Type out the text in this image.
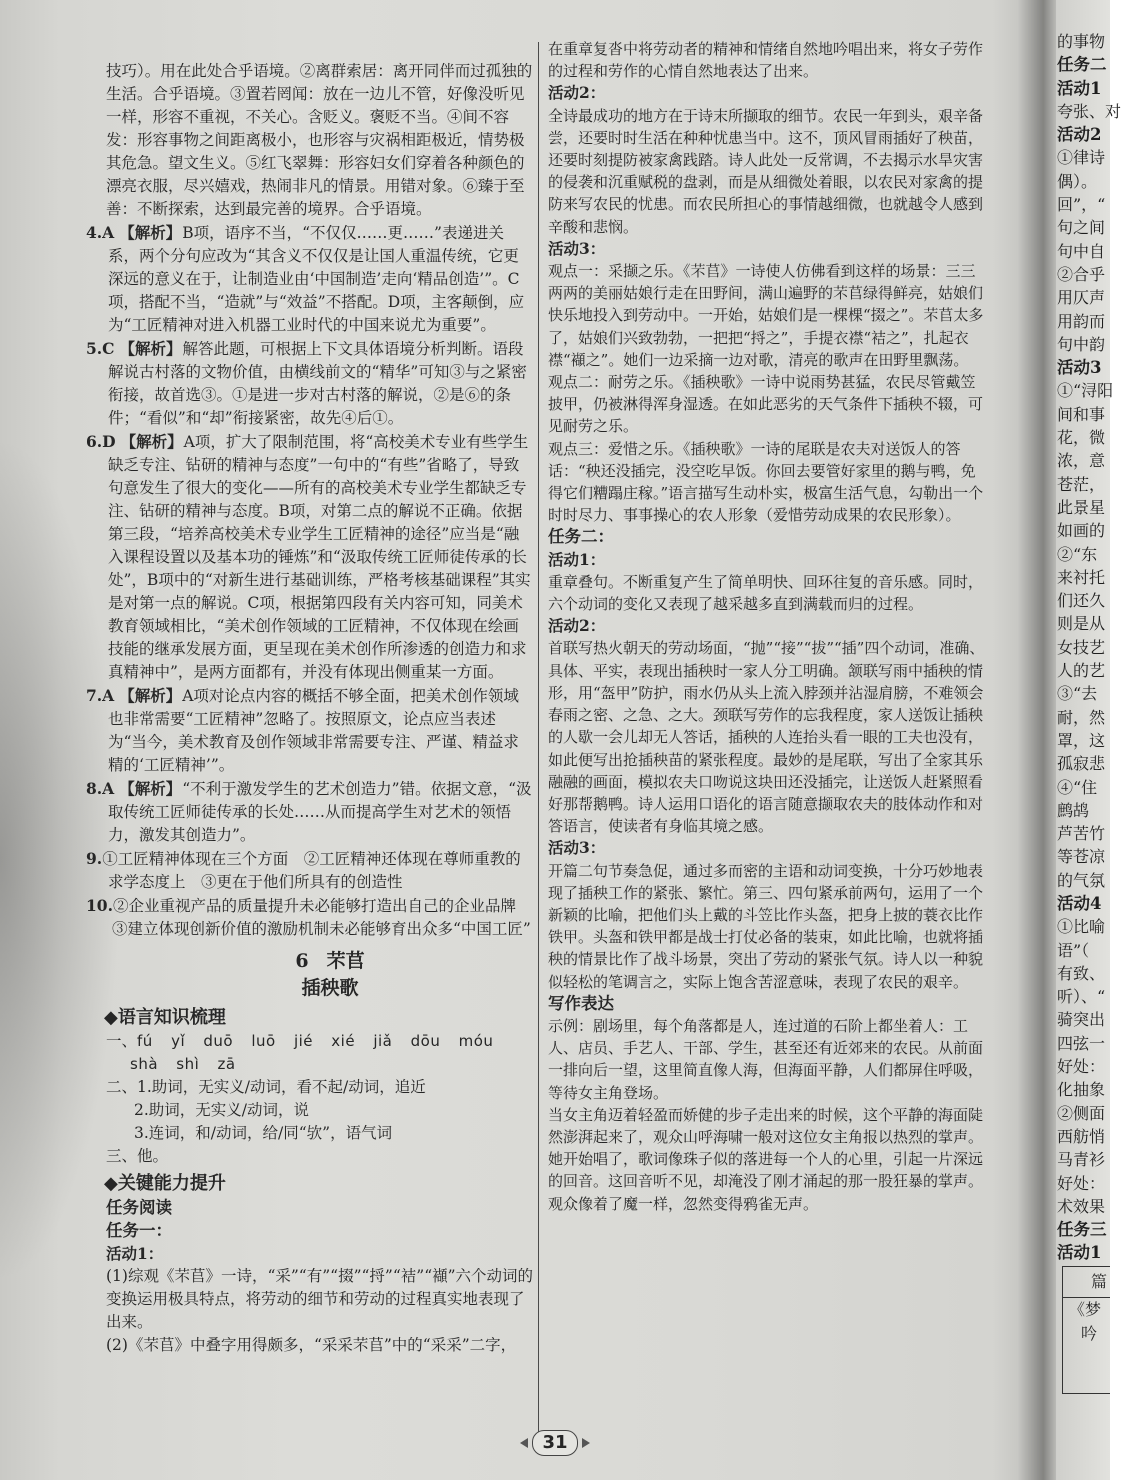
技巧）。用在此处合乎语境。②离群索居：离开同伴而过孤独的生活。合乎语境。③置若罔闻：放在一边儿不管，好像没听见一样，形容不重视，不关心。含贬义。褒贬不当。④间不容发：形容事物之间距离极小，也形容与灾祸相距极近，情势极其危急。望文生义。⑤红飞翠舞：形容妇女们穿着各种颜色的漂亮衣服，尽兴嬉戏，热闹非凡的情景。用错对象。⑥臻于至善：不断探索，达到最完善的境界。合乎语境。

4.A 【解析】B项，语序不当，“不仅仅……更……”表递进关系，两个分句应改为“其含义不仅仅是让国人重温传统，它更深远的意义在于，让制造业由‘中国制造’走向‘精品创造’”。C项，搭配不当，“造就”与“效益”不搭配。D项，主客颠倒，应为“工匠精神对进入机器工业时代的中国来说尤为重要”。

5.C 【解析】解答此题，可根据上下文具体语境分析判断。语段解说古村落的文物价值，由横线前文的“精华”可知③与之紧密衔接，故首选③。①是进一步对古村落的解说，②是⑥的条件；“看似”和“却”衔接紧密，故先④后①。

6.D 【解析】A项，扩大了限制范围，将“高校美术专业有些学生缺乏专注、钻研的精神与态度”一句中的“有些”省略了，导致句意发生了很大的变化——所有的高校美术专业学生都缺乏专注、钻研的精神与态度。B项，对第二点的解说不正确。依据第三段，“培养高校美术专业学生工匠精神的途径”应当是“融入课程设置以及基本功的锤炼”和“汲取传统工匠师徒传承的长处”，B项中的“对新生进行基础训练，严格考核基础课程”其实是对第一点的解说。C项，根据第四段有关内容可知，同美术教育领域相比，“美术创作领域的工匠精神，不仅体现在绘画技能的继承发展方面，更呈现在美术创作所渗透的创造力和求真精神中”，是两方面都有，并没有体现出侧重某一方面。

7.A 【解析】A项对论点内容的概括不够全面，把美术创作领域也非常需要“工匠精神”忽略了。按照原文，论点应当表述为“当今，美术教育及创作领域非常需要专注、严谨、精益求精的‘工匠精神’”。

8.A 【解析】“不利于激发学生的艺术创造力”错。依据文意，“汲取传统工匠师徒传承的长处……从而提高学生对艺术的领悟力，激发其创造力”。

9.①工匠精神体现在三个方面　②工匠精神还体现在尊师重教的求学态度上　③更在于他们所具有的创造性

10.②企业重视产品的质量提升未必能够打造出自己的企业品牌　③建立体现创新价值的激励机制未必能够育出众多“中国工匠”

6 芣苢
插秧歌
◆语言知识梳理

一、fú yǐ duō luō jié xié jiǎ dōu móu shà shì zā

二、1.助词，无实义/动词，看不起/动词，追近

2.助词，无实义/动词，说

3.连词，和/动词，给/同“欤”，语气词

三、他。

◆关键能力提升
任务阅读
任务一：
活动1：

(1)综观《芣苢》一诗，“采”“有”“掇”“捋”“袺”“襭”六个动词的变换运用极具特点，将劳动的细节和劳动的过程真实地表现了出来。

(2)《芣苢》中叠字用得颇多，“采采芣苢”中的“采采”二字，

在重章复沓中将劳动者的精神和情绪自然地吟唱出来，将女子劳作的过程和劳作的心情自然地表达了出来。

活动2：

全诗最成功的地方在于诗末所撷取的细节。农民一年到头，艰辛备尝，还要时时生活在种种忧患当中。这不，顶风冒雨插好了秧苗，还要时刻提防被家禽践踏。诗人此处一反常调，不去揭示水旱灾害的侵袭和沉重赋税的盘剥，而是从细微处着眼，以农民对家禽的提防来写农民的忧患。而农民所担心的事情越细微，也就越令人感到辛酸和悲悯。

活动3：

观点一：采撷之乐。《芣苢》一诗使人仿佛看到这样的场景：三三两两的美丽姑娘行走在田野间，满山遍野的芣苢绿得鲜亮，姑娘们快乐地投入到劳动中。一开始，姑娘们是一棵棵“掇之”。芣苢太多了，姑娘们兴致勃勃，一把把“捋之”，手提衣襟“袺之”，扎起衣襟“襭之”。她们一边采摘一边对歌，清亮的歌声在田野里飘荡。

观点二：耐劳之乐。《插秧歌》一诗中说雨势甚猛，农民尽管戴笠披甲，仍被淋得浑身湿透。在如此恶劣的天气条件下插秧不辍，可见耐劳之乐。

观点三：爱惜之乐。《插秧歌》一诗的尾联是农夫对送饭人的答话：“秧还没插完，没空吃早饭。你回去要管好家里的鹅与鸭，免得它们糟蹋庄稼。”语言描写生动朴实，极富生活气息，勾勒出一个时时尽力、事事操心的农人形象（爱惜劳动成果的农民形象）。

任务二：

活动1：

重章叠句。不断重复产生了简单明快、回环往复的音乐感。同时，六个动词的变化又表现了越采越多直到满载而归的过程。

活动2：

首联写热火朝天的劳动场面，“抛”“接”“拔”“插”四个动词，准确、具体、平实，表现出插秧时一家人分工明确。颔联写雨中插秧的情形，用“盔甲”防护，雨水仍从头上流入脖颈并沾湿肩膀，不难领会春雨之密、之急、之大。颈联写劳作的忘我程度，家人送饭让插秧的人歇一会儿却无人答话，插秧的人连抬头看一眼的工夫也没有，如此便写出抢插秧苗的紧张程度。最妙的是尾联，写出了全家其乐融融的画面，模拟农夫口吻说这块田还没插完，让送饭人赶紧照看好那帮鹅鸭。诗人运用口语化的语言随意撷取农夫的肢体动作和对答语言，使读者有身临其境之感。

活动3：

开篇二句节奏急促，通过多而密的主语和动词变换，十分巧妙地表现了插秧工作的紧张、繁忙。第三、四句紧承前两句，运用了一个新颖的比喻，把他们头上戴的斗笠比作头盔，把身上披的蓑衣比作铁甲。头盔和铁甲都是战士打仗必备的装束，如此比喻，也就将插秧的情景比作了战斗场景，突出了劳动的紧张气氛。诗人以一种貌似轻松的笔调言之，实际上饱含苦涩意味，表现了农民的艰辛。

写作表达

示例：剧场里，每个角落都是人，连过道的石阶上都坐着人：工人、店员、手艺人、干部、学生，甚至还有近郊来的农民。从前面一排向后一望，这里简直像人海，但海面平静，人们都屏住呼吸，等待女主角登场。

当女主角迈着轻盈而娇健的步子走出来的时候，这个平静的海面陡然澎湃起来了，观众山呼海啸一般对这位女主角报以热烈的掌声。

她开始唱了，歌词像珠子似的落进每一个人的心里，引起一片深远的回音。这回音听不见，却淹没了刚才涌起的那一股狂暴的掌声。观众像着了魔一样，忽然变得鸦雀无声。

的事物
任务二
活动1
夸张、对
活动2
①律诗
偶）。
回”，“
句之间
句中自
②合乎
用仄声
用韵而
句中韵
活动3
①“浔阳
间和事
花，微
浓，意
苍茫，
此景星
如画的
②“东
来衬托
们还久
则是从
女技艺
人的艺
③“去
耐，然
罩，这
孤寂悲
④“住
鹧鸪
芦苦竹
等苍凉
的气氛
活动4
①比喻
语”（
有致、
听）、“
骑突出
四弦一
好处：
化抽象
②侧面
西舫悄
马青衫
好处：
术效果
任务三
活动1
篇
《梦
吟
31
